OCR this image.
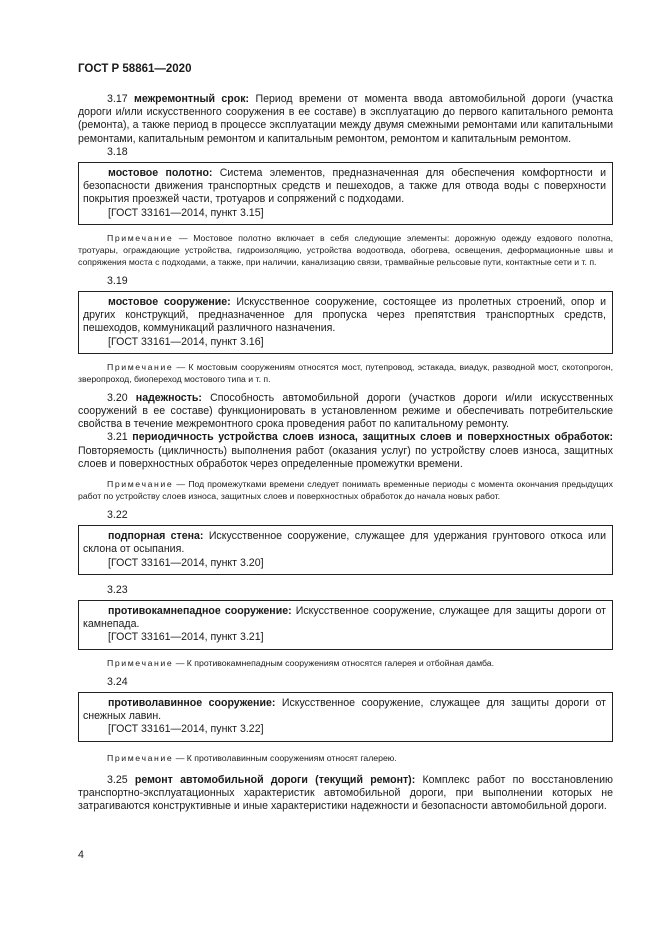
ГОСТ Р 58861—2020

3.17 межремонтный срок: Период времени от момента ввода автомобильной дороги (участка дороги и/или искусственного сооружения в ее составе) в эксплуатацию до первого капитального ремонта (ремонта), а также период в процессе эксплуатации между двумя смежными ремонтами или капитальными ремонтами, капитальным ремонтом и капитальным ремонтом, ремонтом и капитальным ремонтом.

3.18

мостовое полотно: Система элементов, предназначенная для обеспечения комфортности и безопасности движения транспортных средств и пешеходов, а также для отвода воды с поверхности покрытия проезжей части, тротуаров и сопряжений с подходами.

[ГОСТ 33161—2014, пункт 3.15]

Примечание — Мостовое полотно включает в себя следующие элементы: дорожную одежду ездового полотна, тротуары, ограждающие устройства, гидроизоляцию, устройства водоотвода, обогрева, освещения, деформационные швы и сопряжения моста с подходами, а также, при наличии, канализацию связи, трамвайные рельсовые пути, контактные сети и т. п.

3.19

мостовое сооружение: Искусственное сооружение, состоящее из пролетных строений, опор и других конструкций, предназначенное для пропуска через препятствия транспортных средств, пешеходов, коммуникаций различного назначения.

[ГОСТ 33161—2014, пункт 3.16]

Примечание — К мостовым сооружениям относятся мост, путепровод, эстакада, виадук, разводной мост, скотопрогон, зверопроход, биопереход мостового типа и т. п.

3.20 надежность: Способность автомобильной дороги (участков дороги и/или искусственных сооружений в ее составе) функционировать в установленном режиме и обеспечивать потребительские свойства в течение межремонтного срока проведения работ по капитальному ремонту.

3.21 периодичность устройства слоев износа, защитных слоев и поверхностных обработок: Повторяемость (цикличность) выполнения работ (оказания услуг) по устройству слоев износа, защитных слоев и поверхностных обработок через определенные промежутки времени.

Примечание — Под промежутками времени следует понимать временные периоды с момента окончания предыдущих работ по устройству слоев износа, защитных слоев и поверхностных обработок до начала новых работ.

3.22

подпорная стена: Искусственное сооружение, служащее для удержания грунтового откоса или склона от осыпания.

[ГОСТ 33161—2014, пункт 3.20]

3.23

противокамнепадное сооружение: Искусственное сооружение, служащее для защиты дороги от камнепада.

[ГОСТ 33161—2014, пункт 3.21]

Примечание — К противокамнепадным сооружениям относятся галерея и отбойная дамба.

3.24

противолавинное сооружение: Искусственное сооружение, служащее для защиты дороги от снежных лавин.

[ГОСТ 33161—2014, пункт 3.22]

Примечание — К противолавинным сооружениям относят галерею.

3.25 ремонт автомобильной дороги (текущий ремонт): Комплекс работ по восстановлению транспортно-эксплуатационных характеристик автомобильной дороги, при выполнении которых не затрагиваются конструктивные и иные характеристики надежности и безопасности автомобильной дороги.

4
